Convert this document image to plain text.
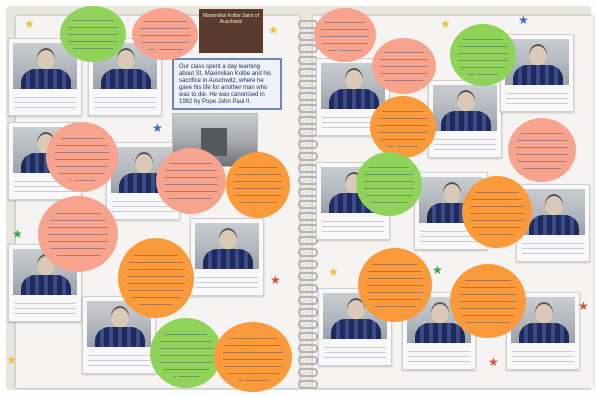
Maximilian Kolbe Saint of Auschwitz
Our class spent a day learning about St. Maximilian Kolbe and his sacrifice in Auschwitz, where he gave his life for another man who was to die. He was canonised in 1982 by Pope John Paul II.
★
★
★
★
★
★	★	★
★
★
★
★
